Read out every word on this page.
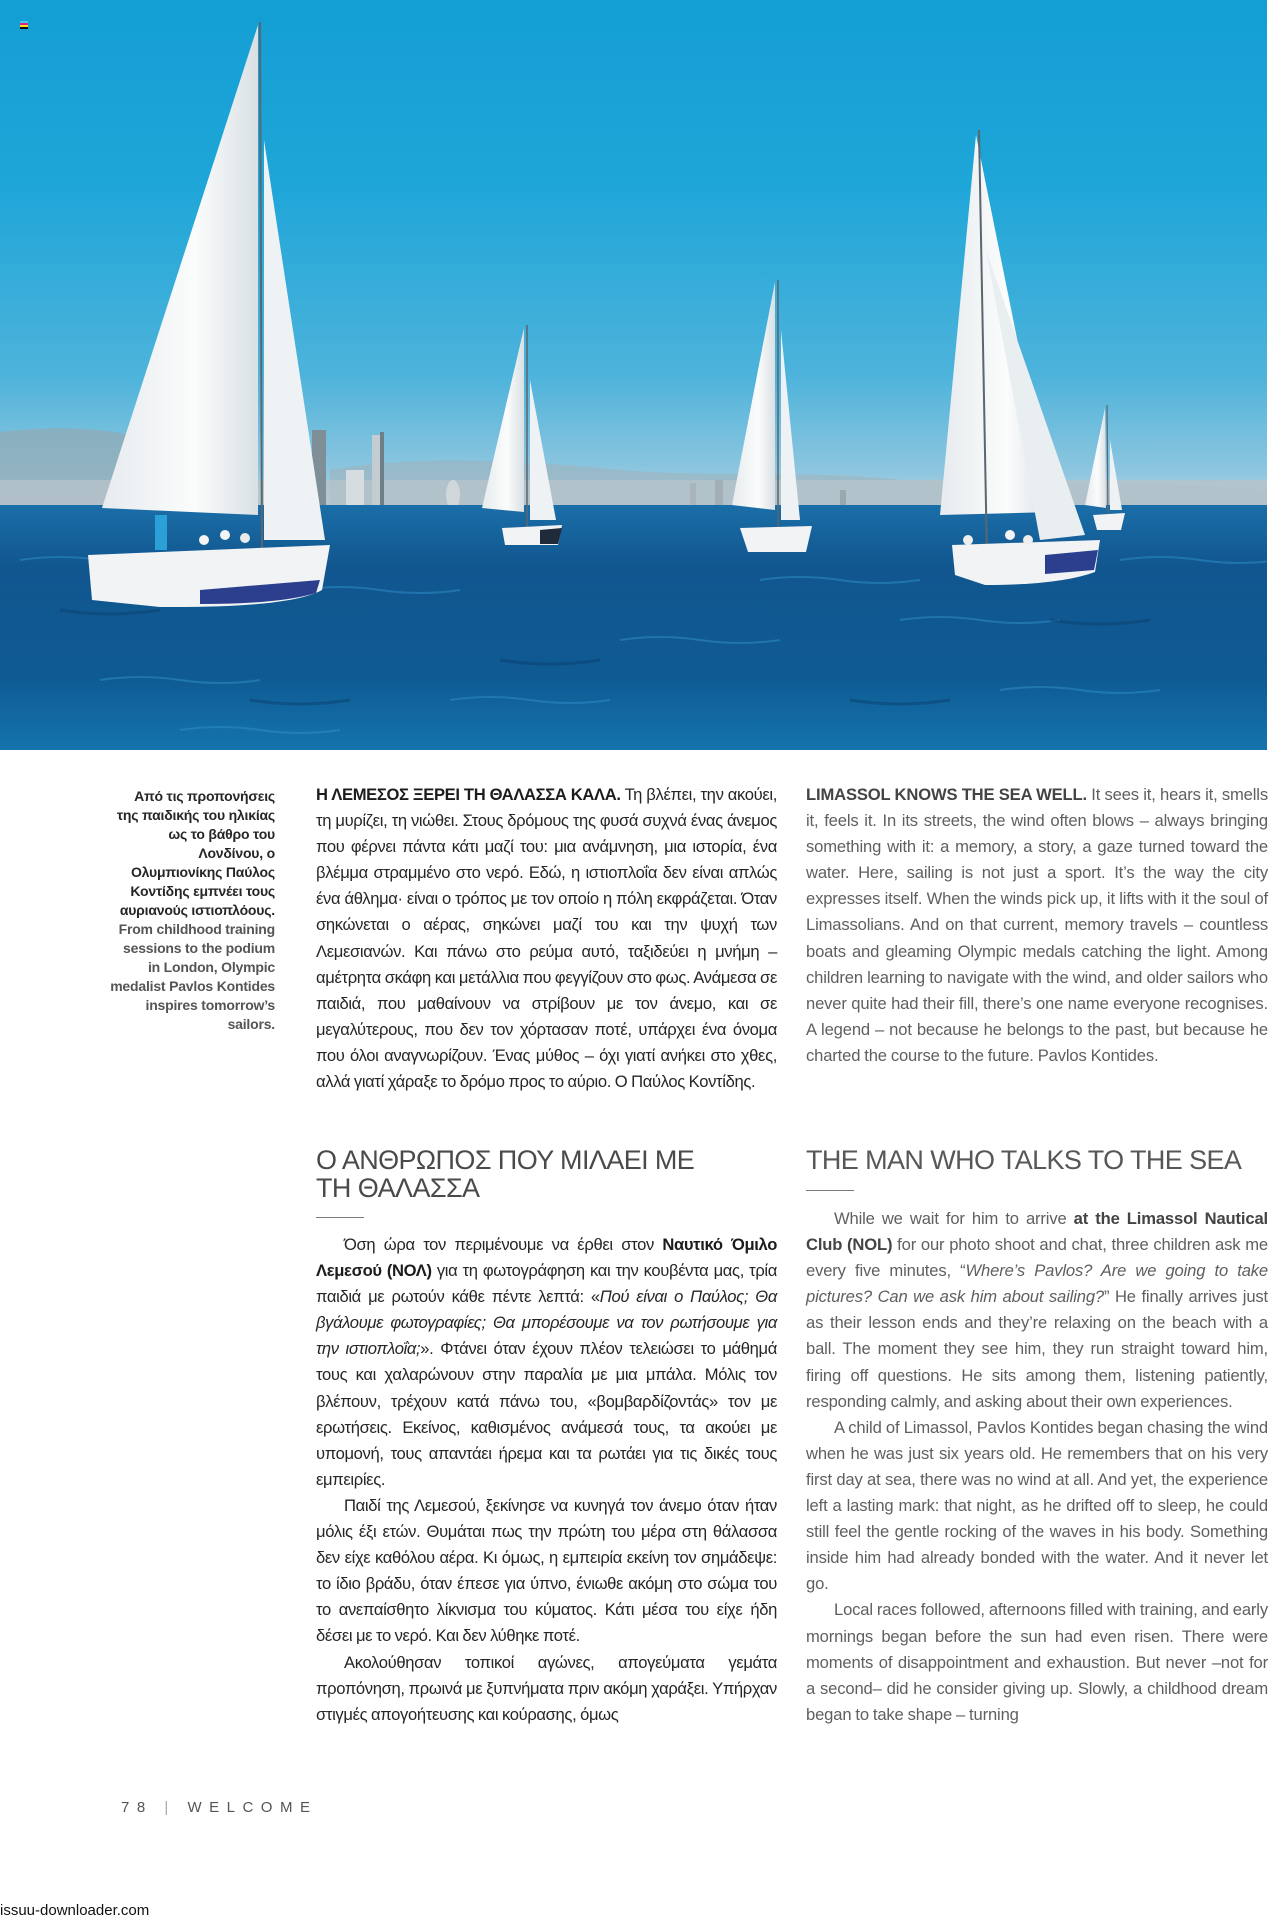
Από τις προπονήσεις της παιδικής του ηλικίας ως το βάθρο του Λονδίνου, ο Ολυμπιονίκης Παύλος Κοντίδης εμπνέει τους αυριανούς ιστιοπλόους. From childhood training sessions to the podium in London, Olympic medalist Pavlos Kontides inspires tomorrow’s sailors.

Η ΛΕΜΕΣΟΣ ΞΕΡΕΙ ΤΗ ΘΑΛΑΣΣΑ ΚΑΛΑ. Τη βλέπει, την ακούει, τη μυρίζει, τη νιώθει. Στους δρόμους της φυσά συχνά ένας άνεμος που φέρνει πάντα κάτι μαζί του: μια ανάμνηση, μια ιστορία, ένα βλέμμα στραμμένο στο νερό. Εδώ, η ιστιοπλοΐα δεν είναι απλώς ένα άθλημα· είναι ο τρόπος με τον οποίο η πόλη εκφράζεται. Όταν σηκώνεται ο αέρας, σηκώνει μαζί του και την ψυχή των Λεμεσιανών. Και πάνω στο ρεύμα αυτό, ταξιδεύει η μνήμη – αμέτρητα σκάφη και μετάλλια που φεγγίζουν στο φως. Ανάμεσα σε παιδιά, που μαθαίνουν να στρίβουν με τον άνεμο, και σε μεγαλύτερους, που δεν τον χόρτασαν ποτέ, υπάρχει ένα όνομα που όλοι αναγνωρίζουν. Ένας μύθος – όχι γιατί ανήκει στο χθες, αλλά γιατί χάραξε το δρόμο προς το αύριο. Ο Παύλος Κοντίδης.

Ο ΑΝΘΡΩΠΟΣ ΠΟΥ ΜΙΛΑΕΙ ΜΕ ΤΗ ΘΑΛΑΣΣΑ

Όση ώρα τον περιμένουμε να έρθει στον Ναυτικό Όμιλο Λεμεσού (ΝΟΛ) για τη φωτογράφηση και την κουβέντα μας, τρία παιδιά με ρωτούν κάθε πέντε λεπτά: «Πού είναι ο Παύλος; Θα βγάλουμε φωτογραφίες; Θα μπορέσουμε να τον ρωτήσουμε για την ιστιοπλοΐα;». Φτάνει όταν έχουν πλέον τελειώσει το μάθημά τους και χαλαρώνουν στην παραλία με μια μπάλα. Μόλις τον βλέπουν, τρέχουν κατά πάνω του, «βομβαρδίζοντάς» τον με ερωτήσεις. Εκείνος, καθισμένος ανάμεσά τους, τα ακούει με υπομονή, τους απαντάει ήρεμα και τα ρωτάει για τις δικές τους εμπειρίες.

Παιδί της Λεμεσού, ξεκίνησε να κυνηγά τον άνεμο όταν ήταν μόλις έξι ετών. Θυμάται πως την πρώτη του μέρα στη θάλασσα δεν είχε καθόλου αέρα. Κι όμως, η εμπειρία εκείνη τον σημάδεψε: το ίδιο βράδυ, όταν έπεσε για ύπνο, ένιωθε ακόμη στο σώμα του το ανεπαίσθητο λίκνισμα του κύματος. Κάτι μέσα του είχε ήδη δέσει με το νερό. Και δεν λύθηκε ποτέ.

Ακολούθησαν τοπικοί αγώνες, απογεύματα γεμάτα προπόνηση, πρωινά με ξυπνήματα πριν ακόμη χαράξει. Υπήρχαν στιγμές απογοήτευσης και κούρασης, όμως

LIMASSOL KNOWS THE SEA WELL. It sees it, hears it, smells it, feels it. In its streets, the wind often blows – always bringing something with it: a memory, a story, a gaze turned toward the water. Here, sailing is not just a sport. It’s the way the city expresses itself. When the winds pick up, it lifts with it the soul of Limassolians. And on that current, memory travels – countless boats and gleaming Olympic medals catching the light. Among children learning to navigate with the wind, and older sailors who never quite had their fill, there’s one name everyone recognises. A legend – not because he belongs to the past, but because he charted the course to the future. Pavlos Kontides.

THE MAN WHO TALKS TO THE SEA

While we wait for him to arrive at the Limassol Nautical Club (NOL) for our photo shoot and chat, three children ask me every five minutes, “Where’s Pavlos? Are we going to take pictures? Can we ask him about sailing?” He finally arrives just as their lesson ends and they’re relaxing on the beach with a ball. The moment they see him, they run straight toward him, firing off questions. He sits among them, listening patiently, responding calmly, and asking about their own experiences.

A child of Limassol, Pavlos Kontides began chasing the wind when he was just six years old. He remembers that on his very first day at sea, there was no wind at all. And yet, the experience left a lasting mark: that night, as he drifted off to sleep, he could still feel the gentle rocking of the waves in his body. Something inside him had already bonded with the water. And it never let go.

Local races followed, afternoons filled with training, and early mornings began before the sun had even risen. There were moments of disappointment and exhaustion. But never –not for a second– did he consider giving up. Slowly, a childhood dream began to take shape – turning

78 | WELCOME
issuu-downloader.com
